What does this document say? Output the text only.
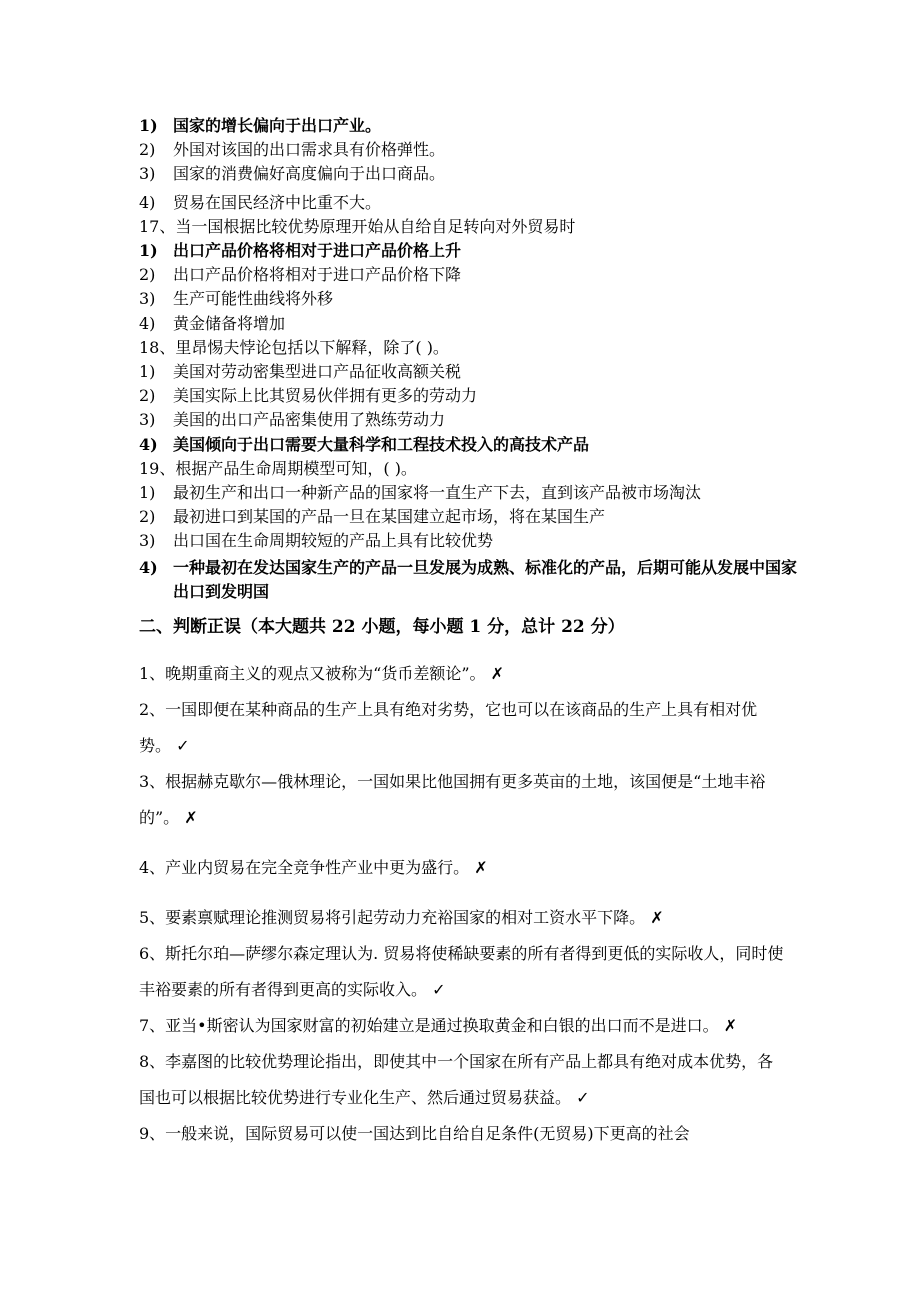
1) 国家的增长偏向于出口产业。
2)	外国对该国的出口需求具有价格弹性。
3)	国家的消费偏好高度偏向于出口商品。
4)	贸易在国民经济中比重不大。
17、当一国根据比较优势原理开始从自给自足转向对外贸易时
1) 出口产品价格将相对于进口产品价格上升
2)	出口产品价格将相对于进口产品价格下降
3)	生产可能性曲线将外移
4)	黄金储备将增加
18、里昂惕夫悖论包括以下解释，除了( )。
1)	美国对劳动密集型进口产品征收高额关税
2)	美国实际上比其贸易伙伴拥有更多的劳动力
3)	美国的出口产品密集使用了熟练劳动力
4) 美国倾向于出口需要大量科学和工程技术投入的高技术产品
19、根据产品生命周期模型可知，( )。
1)	最初生产和出口一种新产品的国家将一直生产下去，直到该产品被市场淘汰
2)	最初进口到某国的产品一旦在某国建立起市场，将在某国生产
3)	出口国在生命周期较短的产品上具有比较优势
4) 一种最初在发达国家生产的产品一旦发展为成熟、标准化的产品，后期可能从发展中国家出口到发明国
二、判断正误（本大题共 22 小题，每小题 1 分，总计 22 分）

1、晚期重商主义的观点又被称为“货币差额论”。 ✗

2、一国即便在某种商品的生产上具有绝对劣势，它也可以在该商品的生产上具有相对优势。 ✓

3、根据赫克歇尔—俄林理论，一国如果比他国拥有更多英亩的土地，该国便是“土地丰裕的”。 ✗

4、产业内贸易在完全竞争性产业中更为盛行。 ✗

5、要素禀赋理论推测贸易将引起劳动力充裕国家的相对工资水平下降。 ✗

6、斯托尔珀—萨缪尔森定理认为. 贸易将使稀缺要素的所有者得到更低的实际收人，同时使丰裕要素的所有者得到更高的实际收入。 ✓

7、亚当•斯密认为国家财富的初始建立是通过换取黄金和白银的出口而不是进口。 ✗

8、李嘉图的比较优势理论指出，即使其中一个国家在所有产品上都具有绝对成本优势，各国也可以根据比较优势进行专业化生产、然后通过贸易获益。 ✓

9、一般来说，国际贸易可以使一国达到比自给自足条件(无贸易)下更高的社会
